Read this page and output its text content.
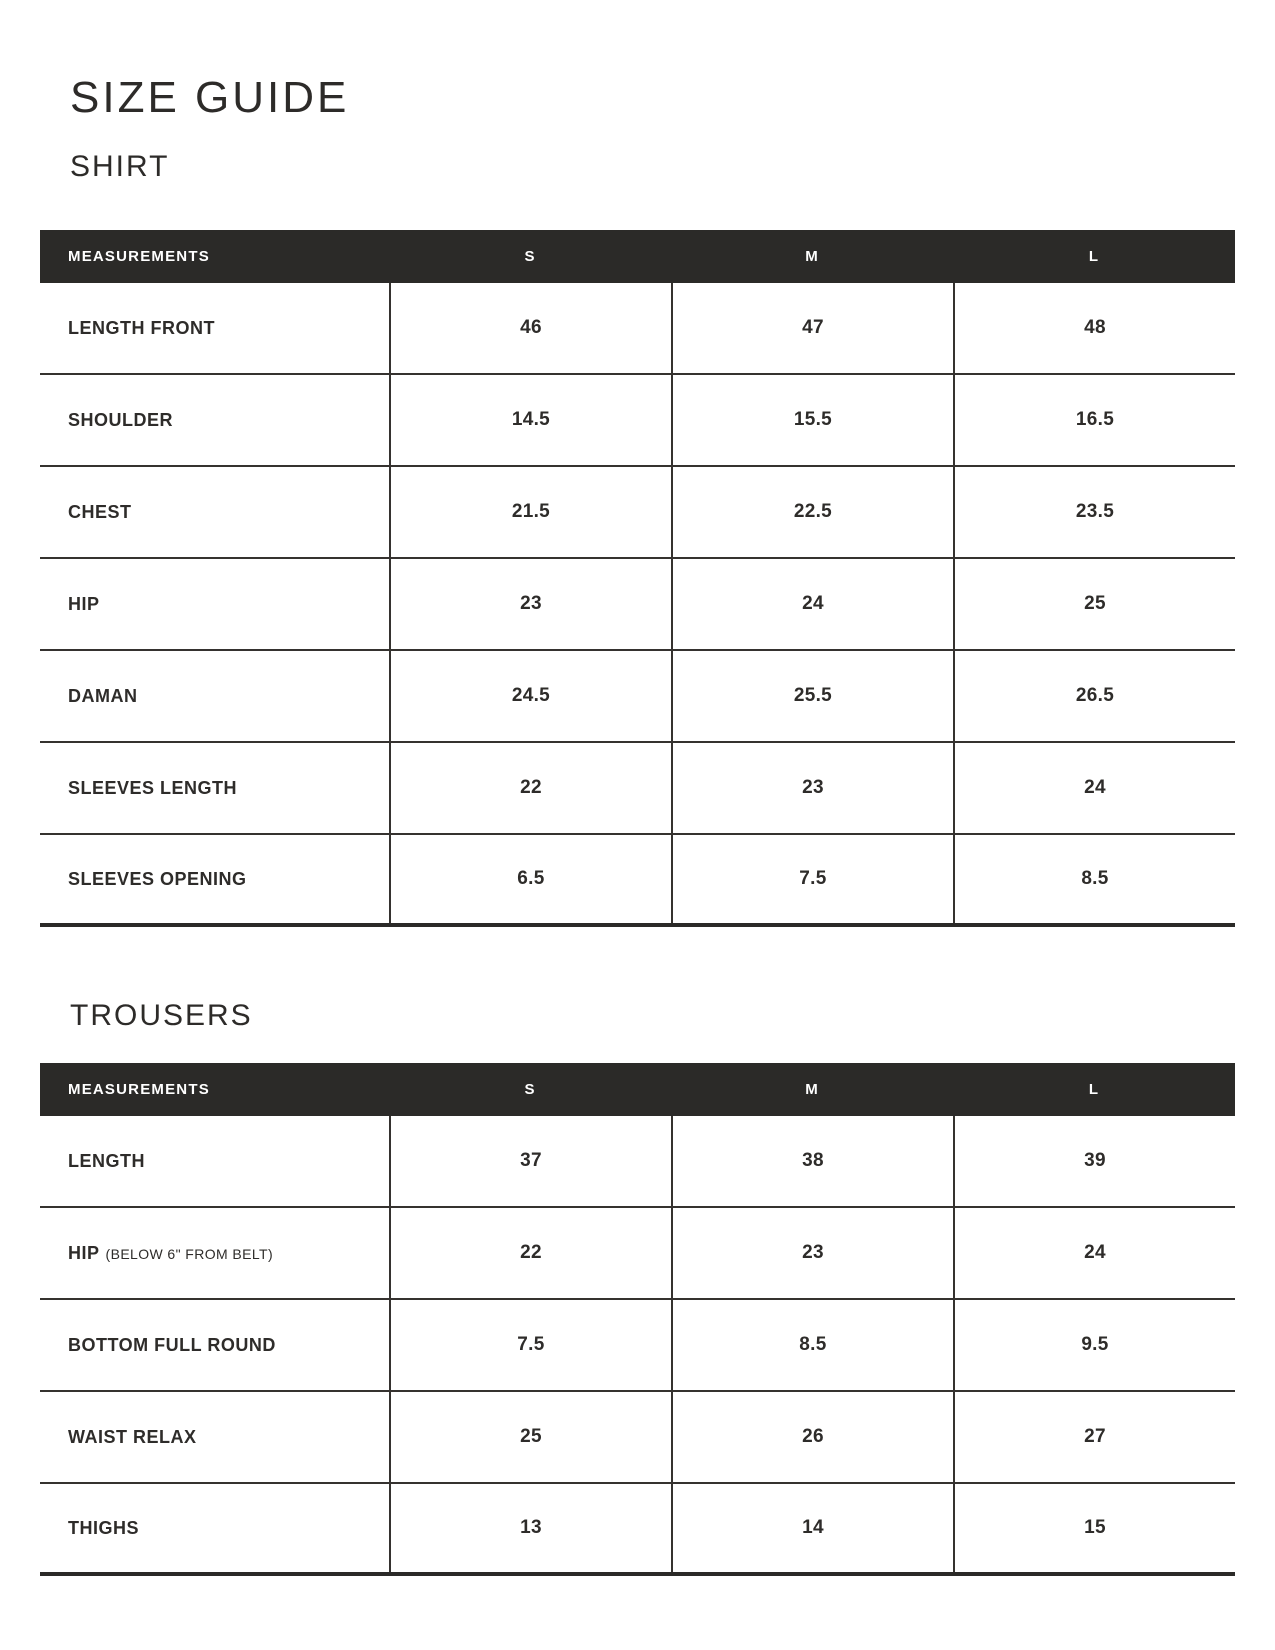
SIZE GUIDE
SHIRT
MEASUREMENTS	S	M	L
LENGTH FRONT	46	47	48
SHOULDER	14.5	15.5	16.5
CHEST	21.5	22.5	23.5
HIP	23	24	25
DAMAN	24.5	25.5	26.5
SLEEVES LENGTH	22	23	24
SLEEVES OPENING	6.5	7.5	8.5
TROUSERS
MEASUREMENTS	S	M	L
LENGTH	37	38	39
HIP (BELOW 6" FROM BELT)	22	23	24
BOTTOM FULL ROUND	7.5	8.5	9.5
WAIST RELAX	25	26	27
THIGHS	13	14	15
